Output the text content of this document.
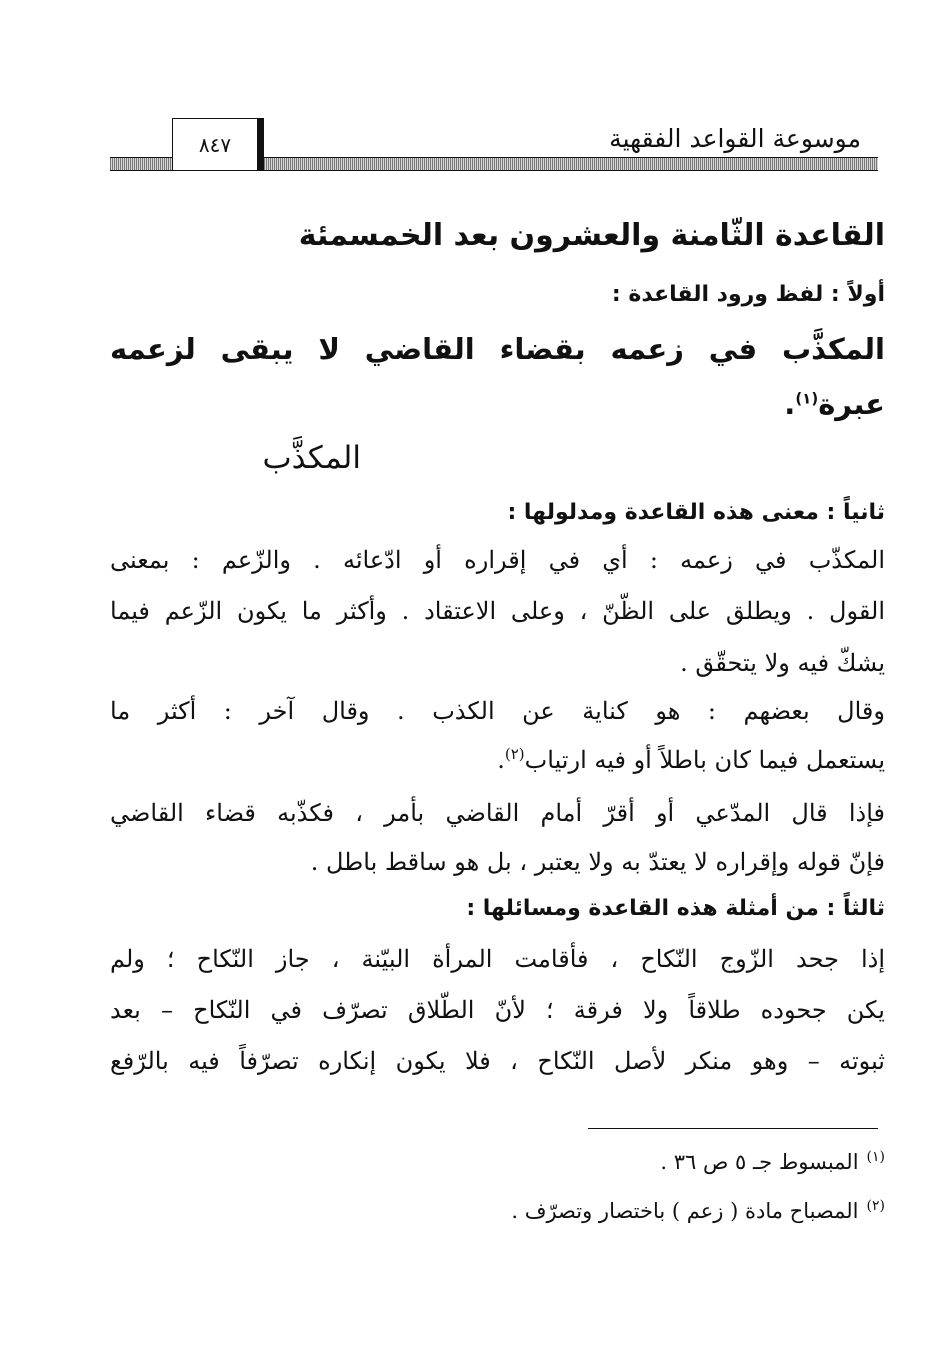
موسوعة القواعد الفقهية
٨٤٧
القاعدة الثّامنة والعشرون بعد الخمسمئة
أولاً : لفظ ورود القاعدة :
المكذَّب في زعمه بقضاء القاضي لا يبقى لزعمه
عبرة$^{(١)}$.
المكذَّب
ثانياً : معنى هذه القاعدة ومدلولها :
المكذّب في زعمه : أي في إقراره أو ادّعائه . والزّعم : بمعنى
القول . ويطلق على الظّنّ ، وعلى الاعتقاد . وأكثر ما يكون الزّعم فيما
يشكّ فيه ولا يتحقّق .
وقال بعضهم : هو كناية عن الكذب . وقال آخر : أكثر ما
يستعمل فيما كان باطلاً أو فيه ارتياب$^{(٢)}$.
فإذا قال المدّعي أو أقرّ أمام القاضي بأمر ، فكذّبه قضاء القاضي
فإنّ قوله وإقراره لا يعتدّ به ولا يعتبر ، بل هو ساقط باطل .
ثالثاً : من أمثلة هذه القاعدة ومسائلها :
إذا جحد الزّوج النّكاح ، فأقامت المرأة البيّنة ، جاز النّكاح ؛ ولم
يكن جحوده طلاقاً ولا فرقة ؛ لأنّ الطّلاق تصرّف في النّكاح – بعد
ثبوته – وهو منكر لأصل النّكاح ، فلا يكون إنكاره تصرّفاً فيه بالرّفع
$^{(١)}$المبسوط جـ ٥ ص ٣٦ .
$^{(٢)}$المصباح مادة ( زعم ) باختصار وتصرّف .
